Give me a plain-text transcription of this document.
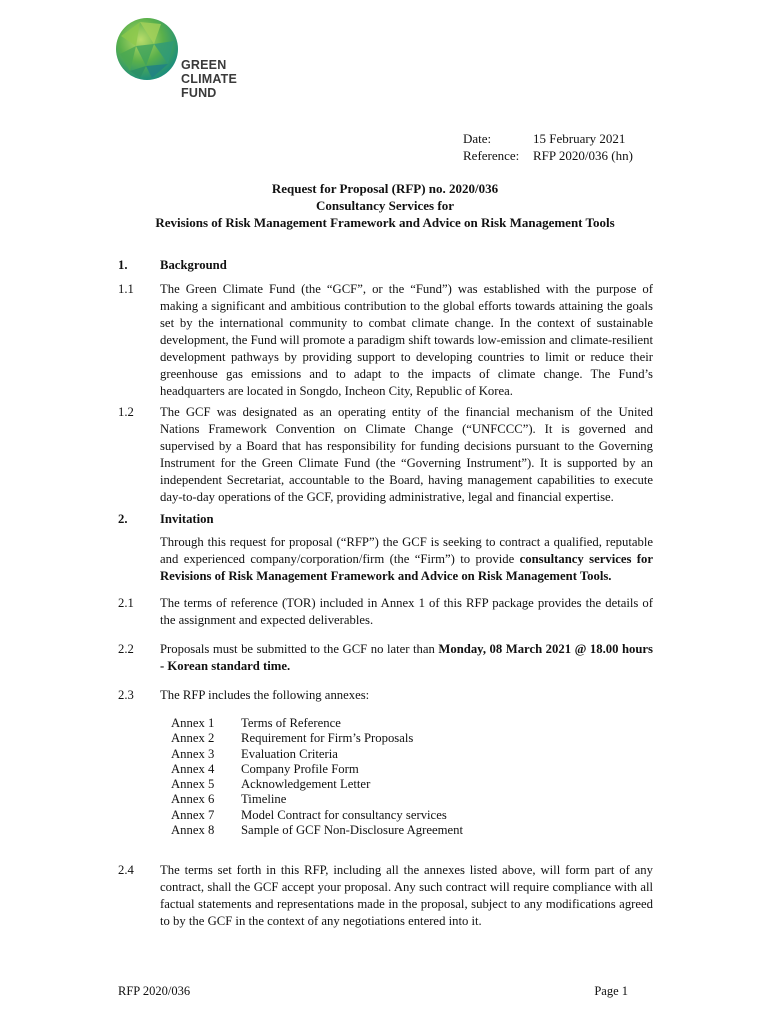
GREEN
CLIMATE
FUND
Date:	15 February 2021
Reference:	RFP 2020/036 (hn)
Request for Proposal (RFP) no. 2020/036
Consultancy Services for
Revisions of Risk Management Framework and Advice on Risk Management Tools
1.	Background
1.1 The Green Climate Fund (the “GCF”, or the “Fund”) was established with the purpose of making a significant and ambitious contribution to the global efforts towards attaining the goals set by the international community to combat climate change. In the context of sustainable development, the Fund will promote a paradigm shift towards low-emission and climate-resilient development pathways by providing support to developing countries to limit or reduce their greenhouse gas emissions and to adapt to the impacts of climate change. The Fund’s headquarters are located in Songdo, Incheon City, Republic of Korea.
1.2 The GCF was designated as an operating entity of the financial mechanism of the United Nations Framework Convention on Climate Change (“UNFCCC”). It is governed and supervised by a Board that has responsibility for funding decisions pursuant to the Governing Instrument for the Green Climate Fund (the “Governing Instrument”). It is supported by an independent Secretariat, accountable to the Board, having management capabilities to execute day-to-day operations of the GCF, providing administrative, legal and financial expertise.
2.	Invitation
Through this request for proposal (“RFP”) the GCF is seeking to contract a qualified, reputable and experienced company/corporation/firm (the “Firm”) to provide consultancy services for Revisions of Risk Management Framework and Advice on Risk Management Tools.
2.1 The terms of reference (TOR) included in Annex 1 of this RFP package provides the details of the assignment and expected deliverables.
2.2 Proposals must be submitted to the GCF no later than Monday, 08 March 2021 @ 18.00 hours - Korean standard time.
2.3 The RFP includes the following annexes:
Annex 1	Terms of Reference
Annex 2	Requirement for Firm’s Proposals
Annex 3	Evaluation Criteria
Annex 4	Company Profile Form
Annex 5	Acknowledgement Letter
Annex 6	Timeline
Annex 7	Model Contract for consultancy services
Annex 8	Sample of GCF Non-Disclosure Agreement
2.4 The terms set forth in this RFP, including all the annexes listed above, will form part of any contract, shall the GCF accept your proposal. Any such contract will require compliance with all factual statements and representations made in the proposal, subject to any modifications agreed to by the GCF in the context of any negotiations entered into it.
RFP 2020/036	Page 1
